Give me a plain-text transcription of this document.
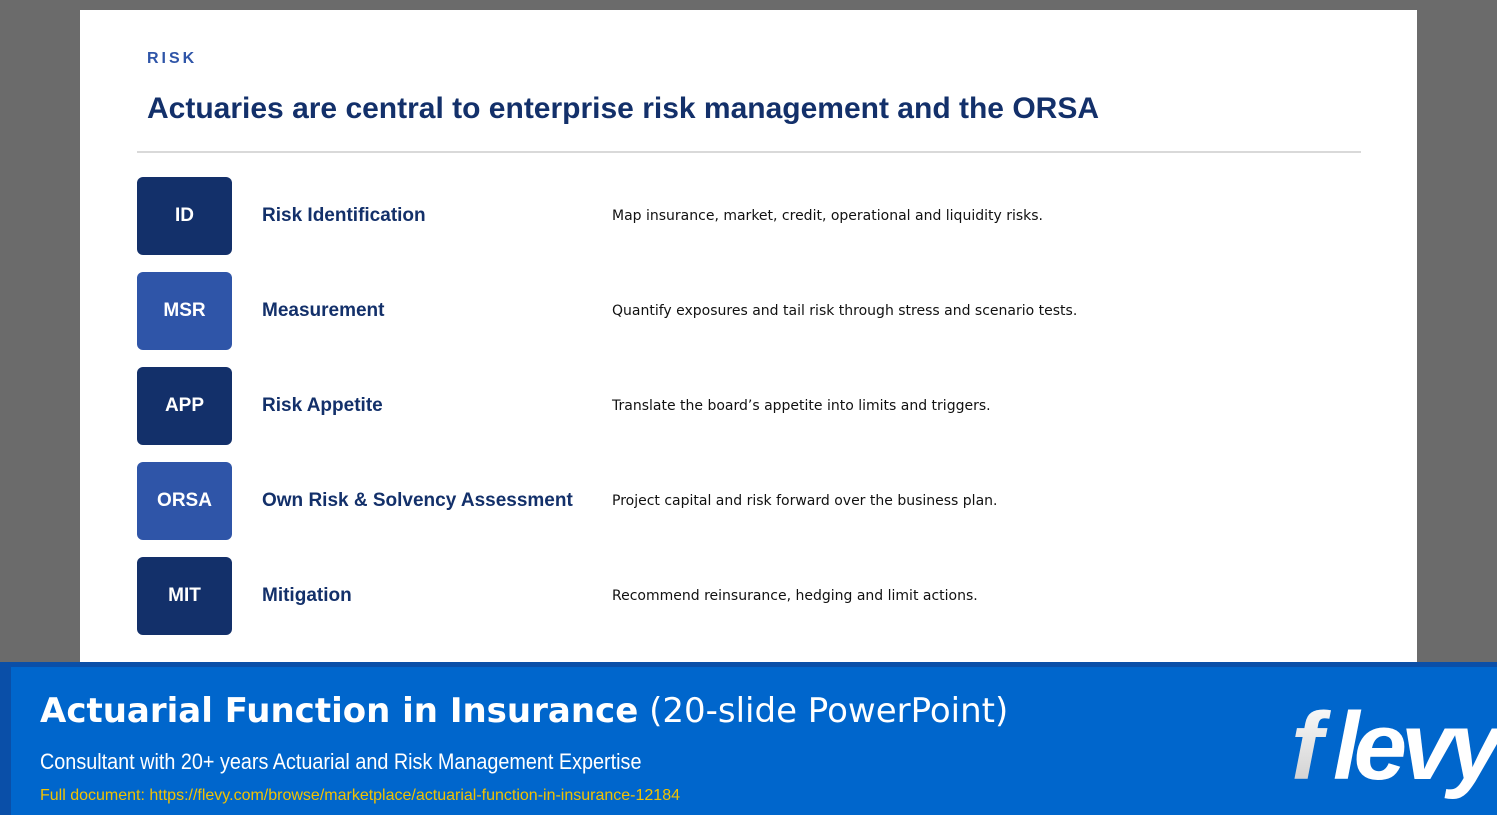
RISK
Actuaries are central to enterprise risk management and the ORSA
ID	Risk Identification	Map insurance, market, credit, operational and liquidity risks.
MSR	Measurement	Quantify exposures and tail risk through stress and scenario tests.
APP	Risk Appetite	Translate the board’s appetite into limits and triggers.
ORSA	Own Risk & Solvency Assessment	Project capital and risk forward over the business plan.
MIT	Mitigation	Recommend reinsurance, hedging and limit actions.
Actuarial Function in Insurance (20-slide PowerPoint)
Consultant with 20+ years Actuarial and Risk Management Expertise
Full document: https://flevy.com/browse/marketplace/actuarial-function-in-insurance-12184	f levy
